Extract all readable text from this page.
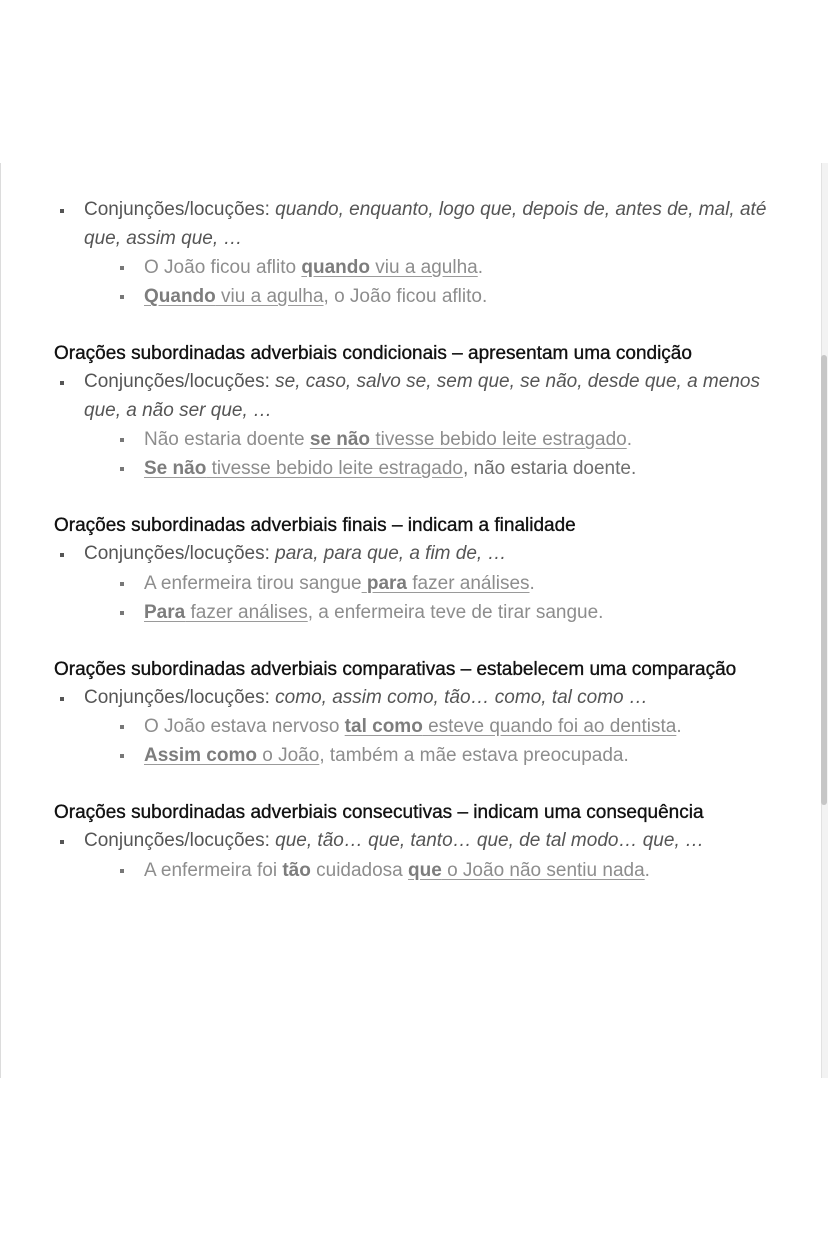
Conjunções/locuções: quando, enquanto, logo que, depois de, antes de, mal, até que, assim que, …
O João ficou aflito quando viu a agulha.
Quando viu a agulha, o João ficou aflito.

Orações subordinadas adverbiais condicionais – apresentam uma condição

Conjunções/locuções: se, caso, salvo se, sem que, se não, desde que, a menos que, a não ser que, …
Não estaria doente se não tivesse bebido leite estragado.
Se não tivesse bebido leite estragado, não estaria doente.

Orações subordinadas adverbiais finais – indicam a finalidade

Conjunções/locuções: para, para que, a fim de, …
A enfermeira tirou sangue para fazer análises.
Para fazer análises, a enfermeira teve de tirar sangue.

Orações subordinadas adverbiais comparativas – estabelecem uma comparação

Conjunções/locuções: como, assim como, tão… como, tal como …
O João estava nervoso tal como esteve quando foi ao dentista.
Assim como o João, também a mãe estava preocupada.

Orações subordinadas adverbiais consecutivas – indicam uma consequência

Conjunções/locuções: que, tão… que, tanto… que, de tal modo… que, …
A enfermeira foi tão cuidadosa que o João não sentiu nada.
